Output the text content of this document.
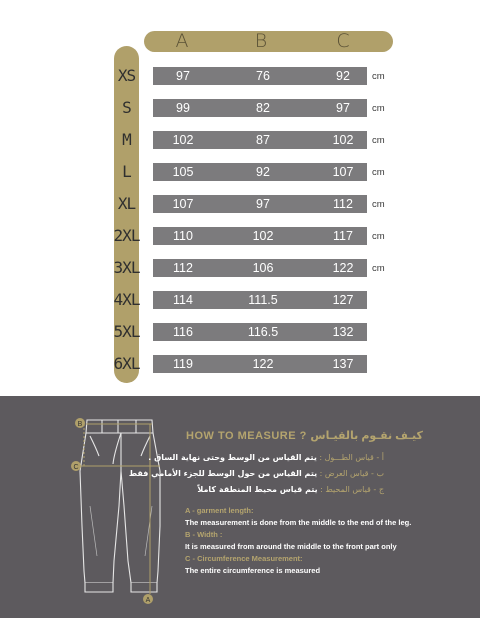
A	B	C
XS	97	76	92	cm
S	99	82	97	cm
M	102	87	102	cm
L	105	92	107	cm
XL	107	97	112	cm
2XL	110	102	117	cm
3XL	112	106	122	cm
4XL	114	111.5	127
5XL	116	116.5	132
6XL	119	122	137
B
C
A
HOW TO MEASURE ? كيـف نقـوم بالقيـاس
أ - قياس الطـــول : يتم القياس من الوسط وحتى نهاية الساق .
ب - قياس العرض : يتم القياس من حول الوسط للجزء الأمامي فقط
ج - قياس المحيط : يتم قياس محيط المنطقة كاملاً
A - garment length:
The measurement is done from the middle to the end of the leg.
B - Width :
It is measured from around the middle to the front part only
C - Circumference Measurement:
The entire circumference is measured
